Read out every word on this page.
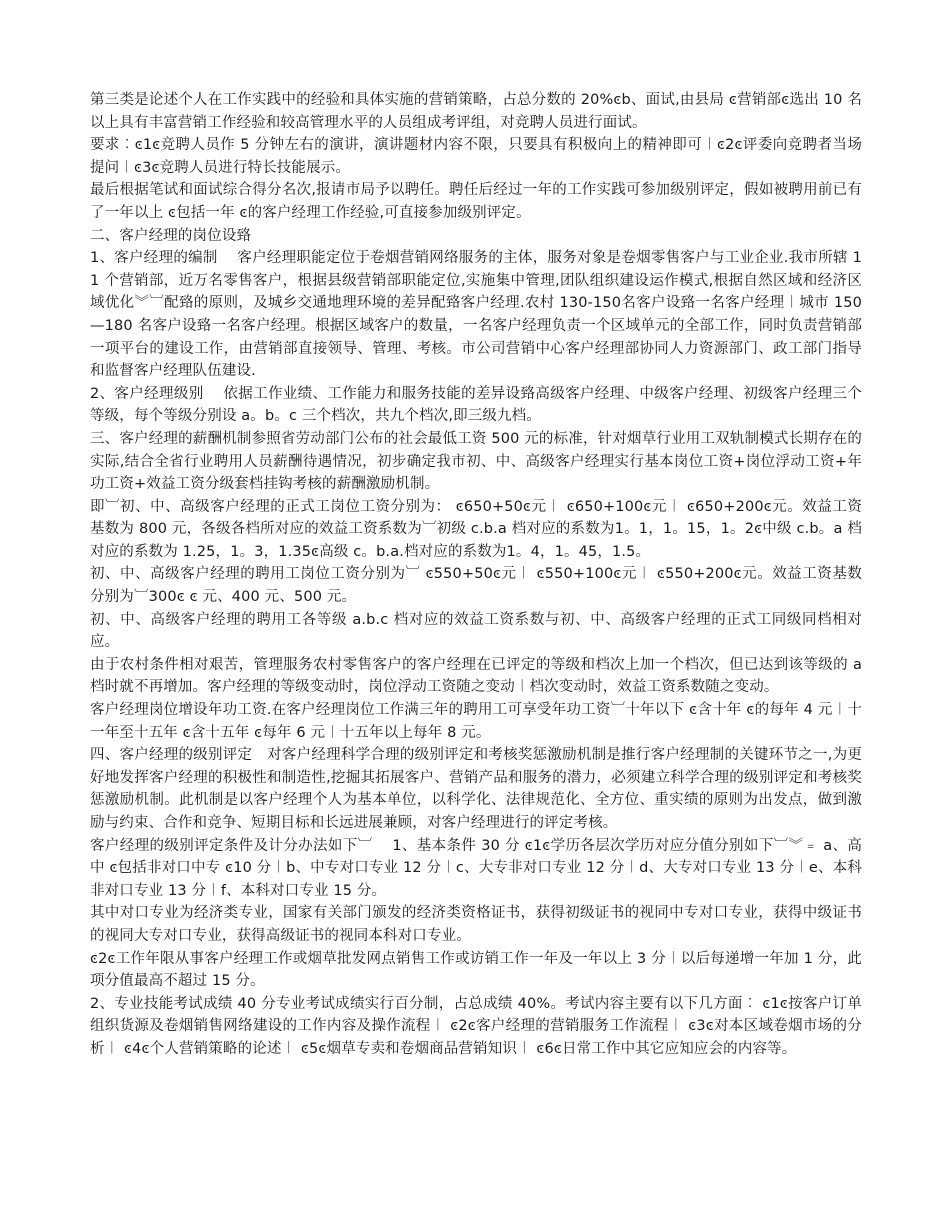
第三类是论述个人在工作实践中的经验和具体实施的营销策略，占总分数的 20%ͼb、面试,由县局 ͼ营销部ͼ选出 10 名以上具有丰富营销工作经验和较高管理水平的人员组成考评组，对竞聘人员进行面试。

要求︰ͼ1ͼ竞聘人员作 5 分钟左右的演讲，演讲题材内容不限，只要具有积极向上的精神即可︱ͼ2ͼ评委向竞聘者当场提问︱ͼ3ͼ竞聘人员进行特长技能展示。

最后根据笔试和面试综合得分名次,报请市局予以聘任。聘任后经过一年的工作实践可参加级别评定，假如被聘用前已有了一年以上 ͼ包括一年 ͼ的客户经理工作经验,可直接参加级别评定。

二、客户经理的岗位设臵

1、客户经理的编制　 客户经理职能定位于卷烟营销网络服务的主体，服务对象是卷烟零售客户与工业企业.我市所辖 11 个营销部，近万名零售客户，根据县级营销部职能定位,实施集中管理,团队组织建设运作模式,根据自然区域和经济区域优化︾︺配臵的原则，及城乡交通地理环境的差异配臵客户经理.农村 130-150名客户设臵一名客户经理︱城市 150—180 名客户设臵一名客户经理。根据区域客户的数量，一名客户经理负责一个区域单元的全部工作，同时负责营销部一项平台的建设工作，由营销部直接领导、管理、考核。市公司营销中心客户经理部协同人力资源部门、政工部门指导和监督客户经理队伍建设.

2、客户经理级别　 依据工作业绩、工作能力和服务技能的差异设臵高级客户经理、中级客户经理、初级客户经理三个等级，每个等级分别设 a。b。c 三个档次，共九个档次,即三级九档。

三、客户经理的薪酬机制参照省劳动部门公布的社会最低工资 500 元的标准，针对烟草行业用工双轨制模式长期存在的实际,结合全省行业聘用人员薪酬待遇情况，初步确定我市初、中、高级客户经理实行基本岗位工资+岗位浮动工资+年功工资+效益工资分级套档挂钩考核的薪酬激励机制。

即︺初、中、高级客户经理的正式工岗位工资分别为： ͼ650+50ͼ元︱ ͼ650+100ͼ元︱ ͼ650+200ͼ元。效益工资基数为 800 元，各级各档所对应的效益工资系数为︺初级 c.b.a 档对应的系数为1。1，1。15，1。2ͼ中级 c.b。a 档对应的系数为 1.25，1。3，1.35ͼ高级 c。b.a.档对应的系数为1。4，1。45，1.5。

初、中、高级客户经理的聘用工岗位工资分别为︺ ͼ550+50ͼ元︱ ͼ550+100ͼ元︱ ͼ550+200ͼ元。效益工资基数分别为︺300ͼ ͼ 元、400 元、500 元。

初、中、高级客户经理的聘用工各等级 a.b.c 档对应的效益工资系数与初、中、高级客户经理的正式工同级同档相对应。

由于农村条件相对艰苦，管理服务农村零售客户的客户经理在已评定的等级和档次上加一个档次，但已达到该等级的 a 档时就不再增加。客户经理的等级变动时，岗位浮动工资随之变动︱档次变动时，效益工资系数随之变动。

客户经理岗位增设年功工资.在客户经理岗位工作满三年的聘用工可享受年功工资︺十年以下 ͼ含十年 ͼ的每年 4 元︱十一年至十五年 ͼ含十五年 ͼ每年 6 元︱十五年以上每年 8 元。

四、客户经理的级别评定　对客户经理科学合理的级别评定和考核奖惩激励机制是推行客户经理制的关键环节之一,为更好地发挥客户经理的积极性和制造性,挖掘其拓展客户、营销产品和服务的潜力，必须建立科学合理的级别评定和考核奖惩激励机制。此机制是以客户经理个人为基本单位，以科学化、法律规范化、全方位、重实绩的原则为出发点，做到激励与约束、合作和竞争、短期目标和长远进展兼顾，对客户经理进行的评定考核。

客户经理的级别评定条件及计分办法如下︺　 1、基本条件 30 分 ͼ1ͼ学历各层次学历对应分值分别如下︺︾﹦ a、高中 ͼ包括非对口中专 ͼ10 分︱b、中专对口专业 12 分︱c、大专非对口专业 12 分︱d、大专对口专业 13 分︱e、本科非对口专业 13 分︱f、本科对口专业 15 分。

其中对口专业为经济类专业，国家有关部门颁发的经济类资格证书，获得初级证书的视同中专对口专业，获得中级证书的视同大专对口专业，获得高级证书的视同本科对口专业。

ͼ2ͼ工作年限从事客户经理工作或烟草批发网点销售工作或访销工作一年及一年以上 3 分︱以后每递增一年加 1 分，此项分值最高不超过 15 分。

2、专业技能考试成绩 40 分专业考试成绩实行百分制，占总成绩 40%。考试内容主要有以下几方面︰ ͼ1ͼ按客户订单组织货源及卷烟销售网络建设的工作内容及操作流程︱ ͼ2ͼ客户经理的营销服务工作流程︱ ͼ3ͼ对本区域卷烟市场的分析︱ ͼ4ͼ个人营销策略的论述︱ ͼ5ͼ烟草专卖和卷烟商品营销知识︱ ͼ6ͼ日常工作中其它应知应会的内容等。
